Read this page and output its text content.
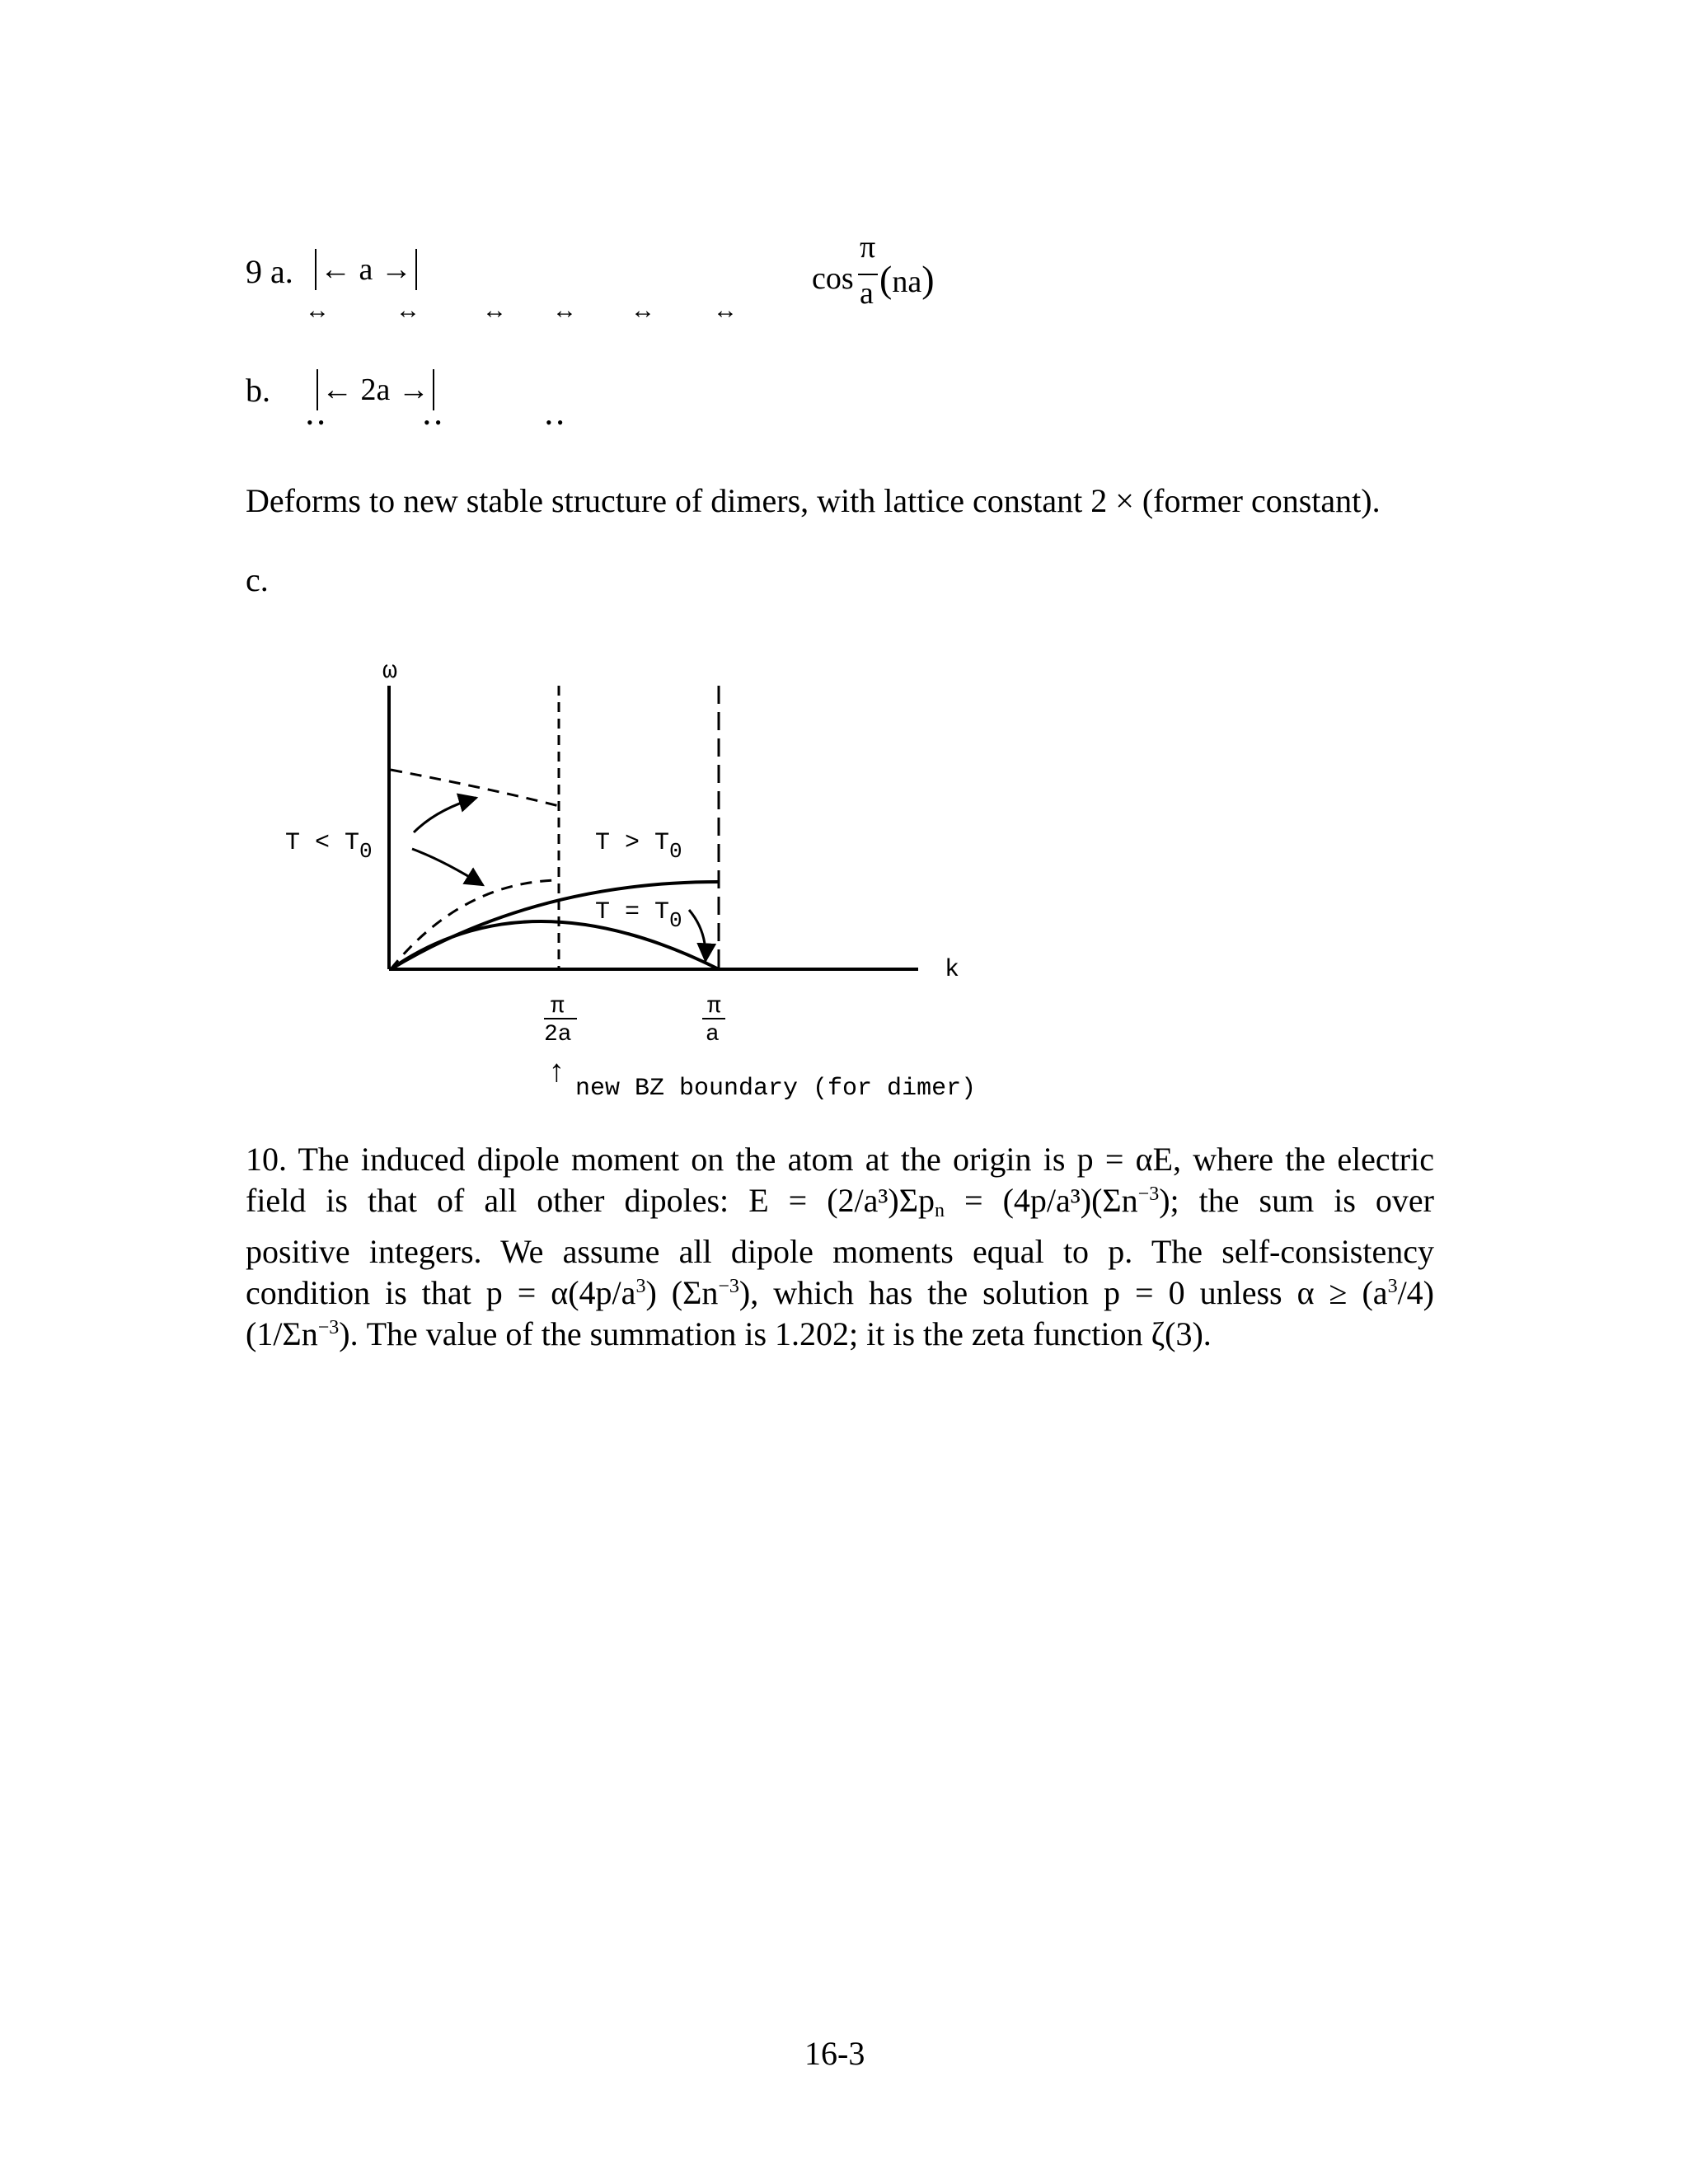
9 a. ← a →
↔	↔	↔ ↔ ↔ ↔
cos
π
a (na)
b. ← 2a →
••	••	••
Deforms to new stable structure of dimers, with lattice constant 2 × (former constant).
c.
ω
k
T < T0	T > T0
T = T0
π
2a
π
a
↑ new BZ boundary (for dimer)
10. The induced dipole moment on the atom at the origin is p = αE, where the electric
field is that of all other dipoles: $E = (2/a^3)\Sigma p_n = (4p/a^3)(\Sigma n^{-3})$; the sum is over
positive integers. We assume all dipole moments equal to p. The self-consistency
condition is that $p = \alpha(4p/a^3)$ $(\Sigma n^{-3})$, which has the solution p = 0 unless $\alpha \ge (a^3/4)$
$(1/\Sigma n^{-3})$. The value of the summation is 1.202; it is the zeta function ζ(3).
16-3
